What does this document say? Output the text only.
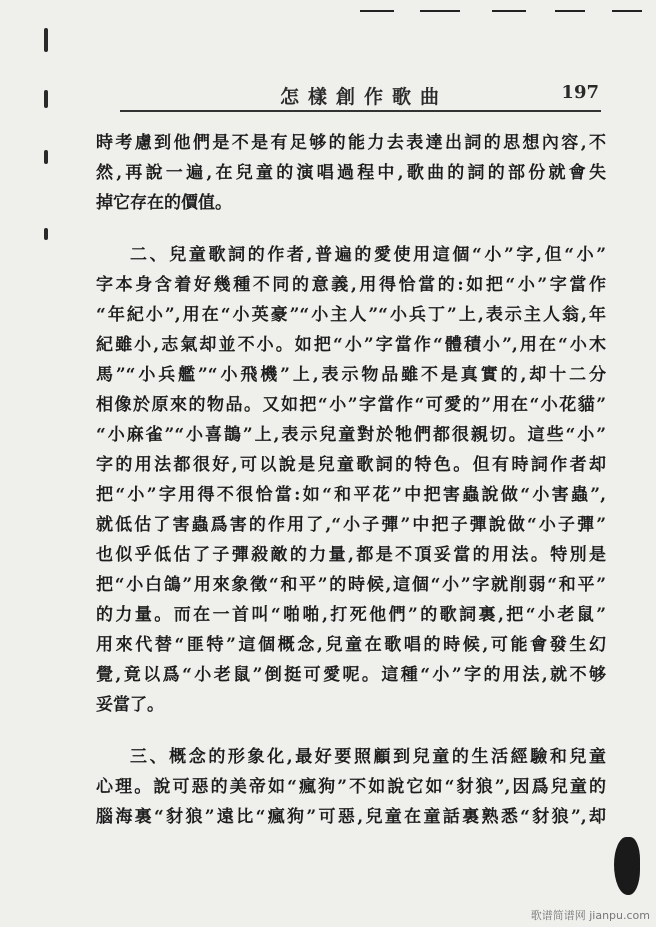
怎樣創作歌曲	197
時考慮到他們是不是有足够的能力去表達出詞的思想內容,不
然,再說一遍,在兒童的演唱過程中,歌曲的詞的部份就會失
掉它存在的價值。
二、兒童歌詞的作者,普遍的愛使用這個“小”字,但“小”
字本身含着好幾種不同的意義,用得恰當的:如把“小”字當作
“年紀小”,用在“小英豪”“小主人”“小兵丁”上,表示主人翁,年
紀雖小,志氣却並不小。如把“小”字當作“體積小”,用在“小木
馬”“小兵艦”“小飛機”上,表示物品雖不是真實的,却十二分
相像於原來的物品。又如把“小”字當作“可愛的”用在“小花貓”
“小麻雀”“小喜鵲”上,表示兒童對於牠們都很親切。這些“小”
字的用法都很好,可以說是兒童歌詞的特色。但有時詞作者却
把“小”字用得不很恰當:如“和平花”中把害蟲說做“小害蟲”,
就低估了害蟲爲害的作用了,“小子彈”中把子彈說做“小子彈”
也似乎低估了子彈殺敵的力量,都是不頂妥當的用法。特別是
把“小白鴿”用來象徵“和平”的時候,這個“小”字就削弱“和平”
的力量。而在一首叫“啪啪,打死他們”的歌詞裏,把“小老鼠”
用來代替“匪特”這個概念,兒童在歌唱的時候,可能會發生幻
覺,竟以爲“小老鼠”倒挺可愛呢。這種“小”字的用法,就不够
妥當了。
三、概念的形象化,最好要照顧到兒童的生活經驗和兒童
心理。說可惡的美帝如“瘋狗”不如說它如“豺狼”,因爲兒童的
腦海裏“豺狼”遠比“瘋狗”可惡,兒童在童話裏熟悉“豺狼”,却
歌谱简谱网 jianpu.com
